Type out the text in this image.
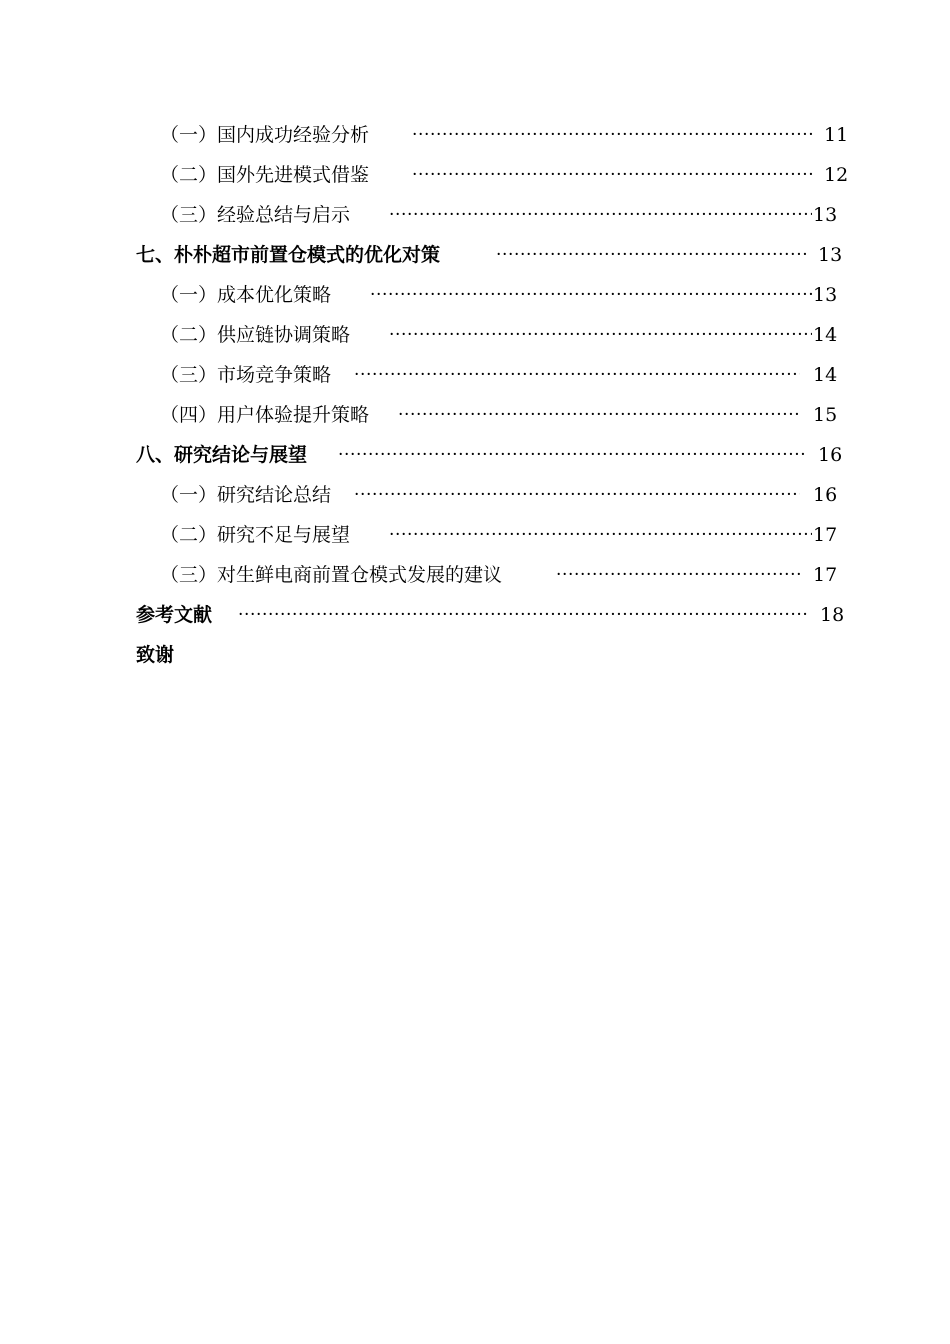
（一）国内成功经验分析 ·····	11
（二）国外先进模式借鉴 ·····	12
（三）经验总结与启示 ·····	13
七、朴朴超市前置仓模式的优化对策 ·····	13
（一）成本优化策略 ·····	13
（二）供应链协调策略 ·····	14
（三）市场竞争策略 ·····	14
（四）用户体验提升策略 ·····	15
八、研究结论与展望 ·····	16
（一）研究结论总结 ·····	16
（二）研究不足与展望 ·····	17
（三）对生鲜电商前置仓模式发展的建议 ·····	17
参考文献 ·····	18
致谢
